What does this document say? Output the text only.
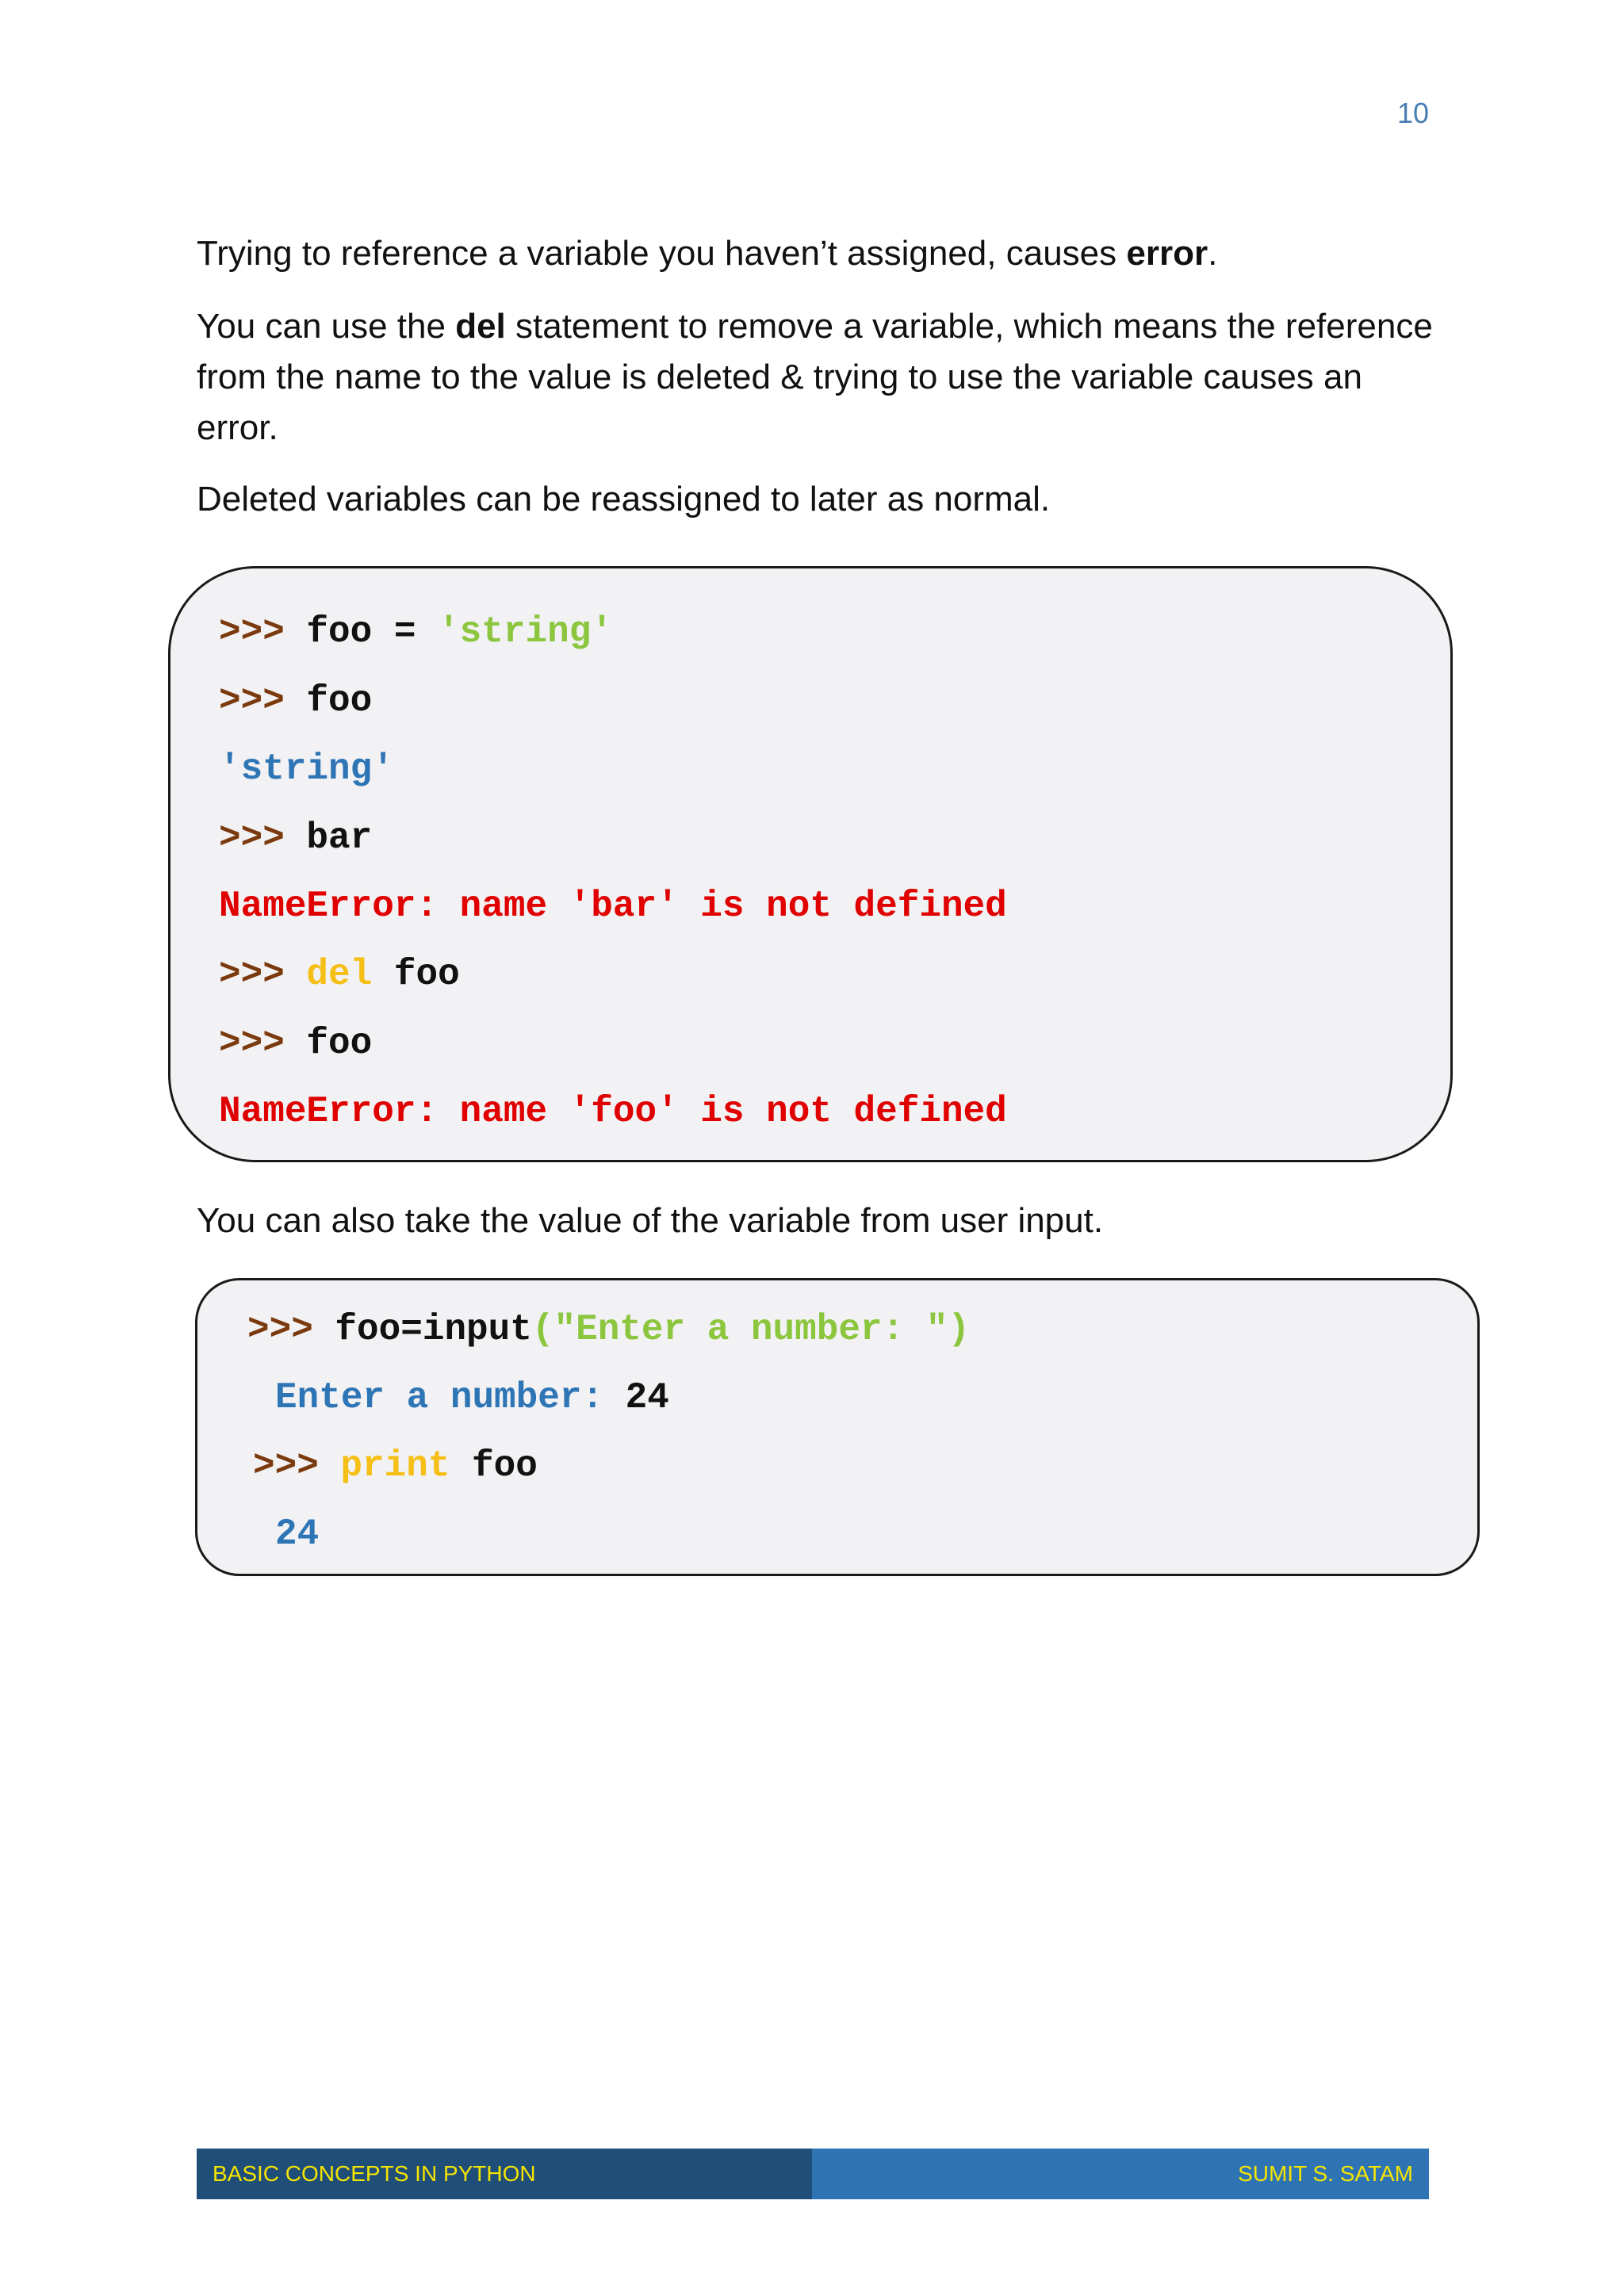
10

Trying to reference a variable you haven’t assigned, causes error.

You can use the del statement to remove a variable, which means the reference from the name to the value is deleted & trying to use the variable causes an error.

Deleted variables can be reassigned to later as normal.

>>> foo = 'string'
>>> foo
'string'
>>> bar
NameError: name 'bar' is not defined
>>> del foo
>>> foo
NameError: name 'foo' is not defined

You can also take the value of the variable from user input.

>>> foo=input("Enter a number: ")
Enter a number: 24
>>> print foo
24
BASIC CONCEPTS IN PYTHON	SUMIT S. SATAM
